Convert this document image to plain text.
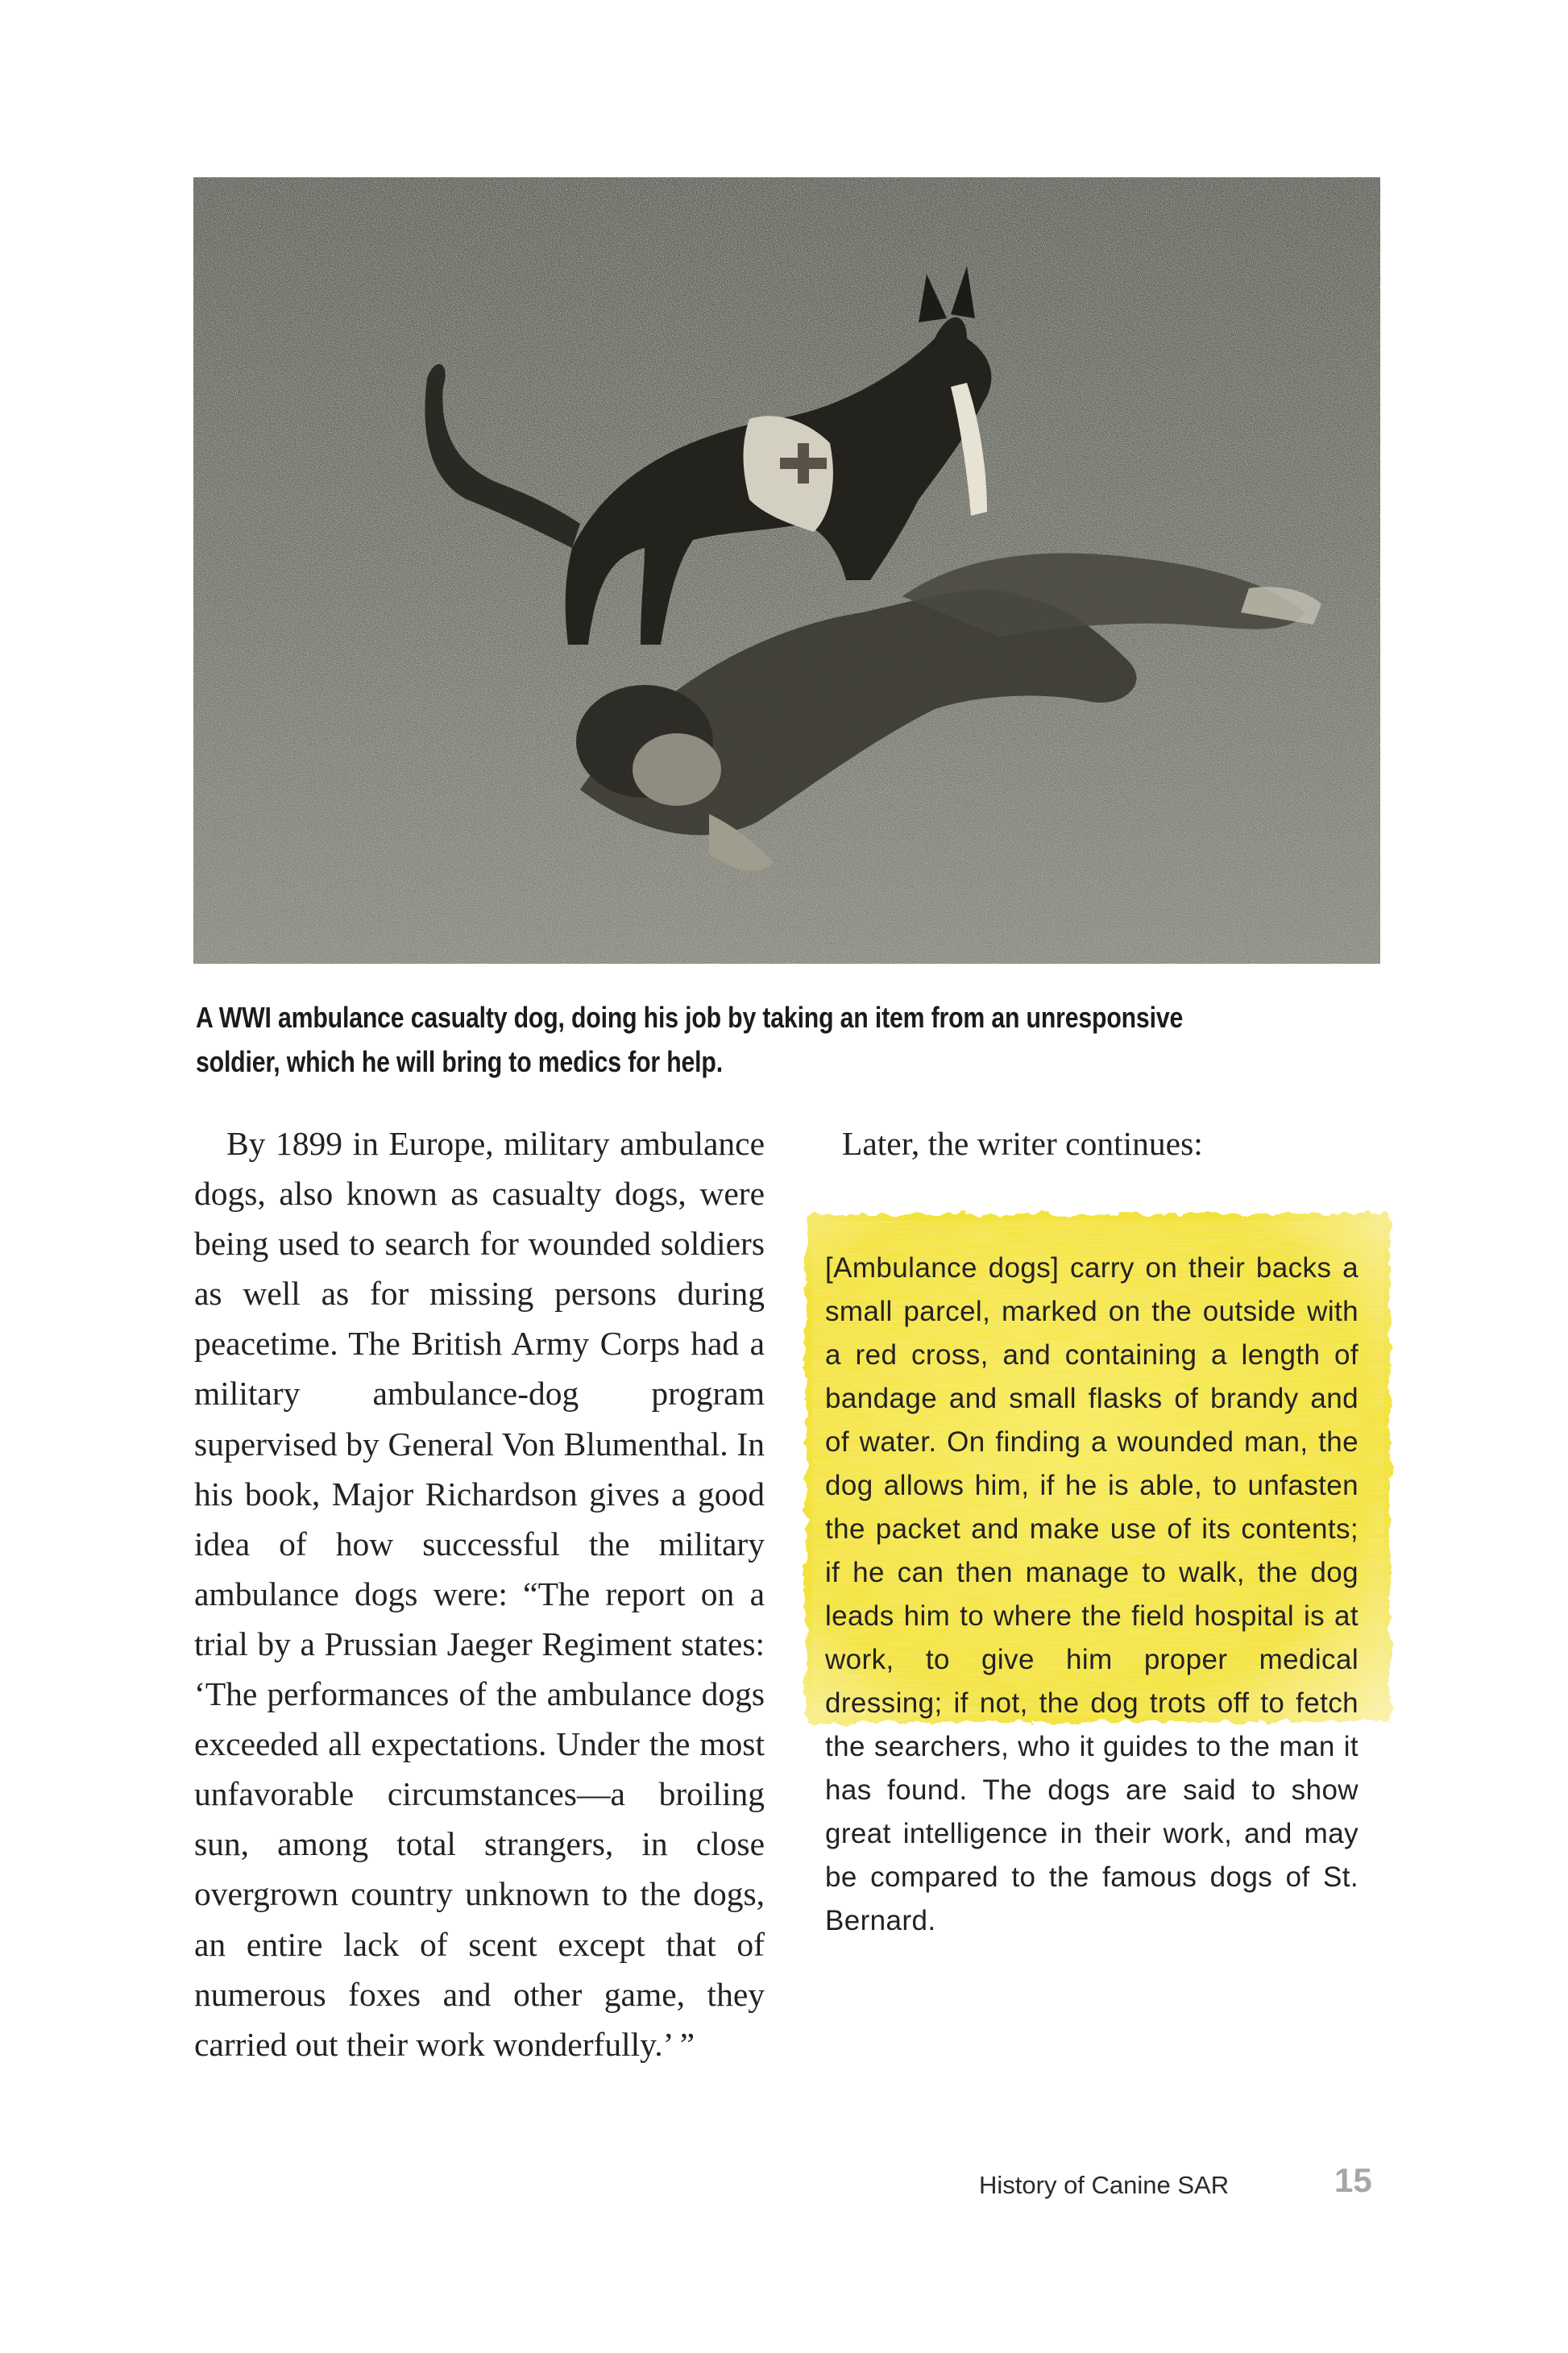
A WWI ambulance casualty dog, doing his job by taking an item from an unresponsive
soldier, which he will bring to medics for help.

By 1899 in Europe, military ambulance dogs, also known as casualty dogs, were being used to search for wounded soldiers as well as for missing persons during peacetime. The British Army Corps had a military ambulance-dog program supervised by General Von Blumenthal. In his book, Major Richardson gives a good idea of how successful the military ambulance dogs were: “The report on a trial by a Prussian Jaeger Regiment states: ‘The performances of the ambulance dogs exceeded all expectations. Under the most unfavorable circumstances—a broiling sun, among total strangers, in close overgrown country unknown to the dogs, an entire lack of scent except that of numerous foxes and other game, they carried out their work wonderfully.’ ”

Later, the writer continues:
[Ambulance dogs] carry on their backs a small parcel, marked on the outside with a red cross, and containing a length of bandage and small flasks of brandy and of water. On finding a wounded man, the dog allows him, if he is able, to unfasten the packet and make use of its contents; if he can then manage to walk, the dog leads him to where the field hospital is at work, to give him proper medical dressing; if not, the dog trots off to fetch the searchers, who it guides to the man it has found. The dogs are said to show great intelligence in their work, and may be compared to the famous dogs of St. Bernard.
History of Canine SAR	15
